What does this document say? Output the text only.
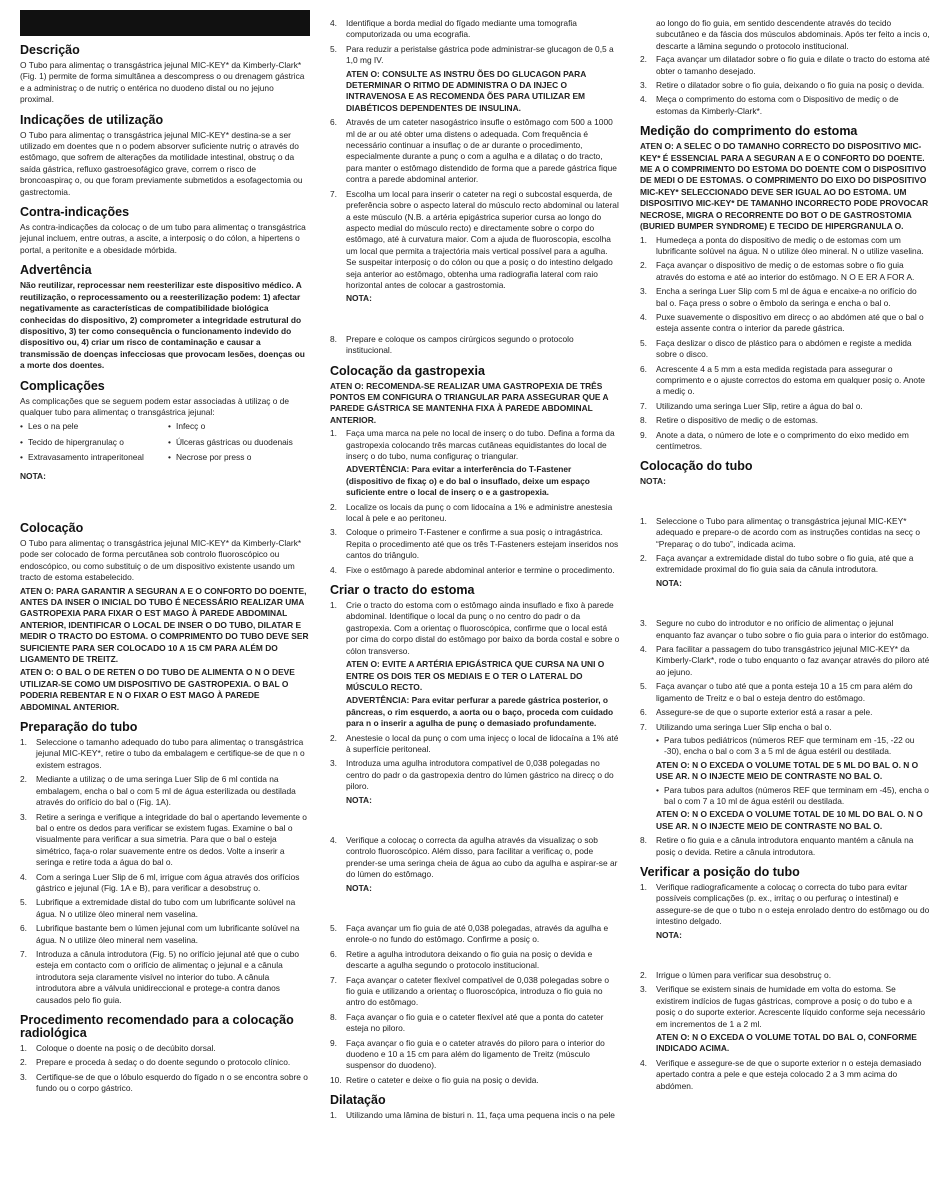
Descrição

O Tubo para alimentaç o transgástrica jejunal MIC-KEY* da Kimberly-Clark* (Fig. 1) permite de forma simultânea a descompress o ou drenagem gástrica e a administraç o de nutriç o entérica no duodeno distal ou no jejuno proximal.

Indicações de utilização

O Tubo para alimentaç o transgástrica jejunal MIC-KEY* destina-se a ser utilizado em doentes que n o podem absorver suficiente nutriç o através do estômago, que sofrem de alterações da motilidade intestinal, obstruç o da saída gástrica, refluxo gastroesofágico grave, correm o risco de broncoaspiraç o, ou que foram previamente submetidos a esofagectomia ou gastrectomia.

Contra-indicações

As contra-indicações da colocaç o de um tubo para alimentaç o transgástrica jejunal incluem, entre outras, a ascite, a interposiç o do cólon, a hipertens o portal, a peritonite e a obesidade mórbida.

Advertência

Não reutilizar, reprocessar nem reesterilizar este dispositivo médico. A reutilização, o reprocessamento ou a reesterilização podem: 1) afectar negativamente as características de compatibilidade biológica conhecidas do dispositivo, 2) comprometer a integridade estrutural do dispositivo, 3) ter como consequência o funcionamento indevido do dispositivo ou, 4) criar um risco de contaminação e causar a transmissão de doenças infecciosas que provocam lesões, doenças ou a morte dos doentes.

Complicações

As complicações que se seguem podem estar associadas à utilizaç o de qualquer tubo para alimentaç o transgástrica jejunal:

• Les o na pele	• Infecç o
• Tecido de hipergranulaç o	• Úlceras gástricas ou duodenais
• Extravasamento intraperitoneal	• Necrose por press o

NOTA:

Colocação

O Tubo para alimentaç o transgástrica jejunal MIC-KEY* da Kimberly-Clark* pode ser colocado de forma percutânea sob controlo fluoroscópico ou endoscópico, ou como substituiç o de um dispositivo existente usando um tracto de estoma estabelecido.

ATEN O: PARA GARANTIR A SEGURAN A E O CONFORTO DO DOENTE, ANTES DA INSER O INICIAL DO TUBO É NECESSÁRIO REALIZAR UMA GASTROPEXIA PARA FIXAR O EST MAGO À PAREDE ABDOMINAL ANTERIOR, IDENTIFICAR O LOCAL DE INSER O DO TUBO, DILATAR E MEDIR O TRACTO DO ESTOMA. O COMPRIMENTO DO TUBO DEVE SER SUFICIENTE PARA SER COLOCADO 10 A 15 CM PARA ALÉM DO LIGAMENTO DE TREITZ.

ATEN O: O BAL O DE RETEN O DO TUBO DE ALIMENTA O N O DEVE UTILIZAR-SE COMO UM DISPOSITIVO DE GASTROPEXIA. O BAL O PODERIA REBENTAR E N O FIXAR O EST MAGO À PAREDE ABDOMINAL ANTERIOR.

Preparação do tubo
1. Seleccione o tamanho adequado do tubo para alimentaç o transgástrica jejunal MIC-KEY*, retire o tubo da embalagem e certifique-se de que n o existem estragos.
2. Mediante a utilizaç o de uma seringa Luer Slip de 6 ml contida na embalagem, encha o bal o com 5 ml de água esterilizada ou destilada através do orifício do bal o (Fig. 1A).
3. Retire a seringa e verifique a integridade do bal o apertando levemente o bal o entre os dedos para verificar se existem fugas. Examine o bal o visualmente para verificar a sua simetria. Para que o bal o esteja simétrico, faça-o rolar suavemente entre os dedos. Volte a inserir a seringa e retire toda a água do bal o.
4. Com a seringa Luer Slip de 6 ml, irrigue com água através dos orifícios gástrico e jejunal (Fig. 1A e B), para verificar a desobstruç o.
5. Lubrifique a extremidade distal do tubo com um lubrificante solúvel na água. N o utilize óleo mineral nem vaselina.
6. Lubrifique bastante bem o lúmen jejunal com um lubrificante solúvel na água. N o utilize óleo mineral nem vaselina.
7. Introduza a cânula introdutora (Fig. 5) no orifício jejunal até que o cubo esteja em contacto com o orifício de alimentaç o jejunal e a cânula introdutora seja claramente visível no interior do tubo. A cânula introdutora abre a válvula unidireccional e protege-a contra danos causados pelo fio guia.
Procedimento recomendado para a colocação radiológica
1. Coloque o doente na posiç o de decúbito dorsal.
2. Prepare e proceda à sedaç o do doente segundo o protocolo clínico.
3. Certifique-se de que o lóbulo esquerdo do fígado n o se encontra sobre o fundo ou o corpo gástrico.
4. Identifique a borda medial do fígado mediante uma tomografia computorizada ou uma ecografia.
5. Para reduzir a peristalse gástrica pode administrar-se glucagon de 0,5 a 1,0 mg IV.

ATEN O: CONSULTE AS INSTRU ÕES DO GLUCAGON PARA DETERMINAR O RITMO DE ADMINISTRA O DA INJEC O INTRAVENOSA E AS RECOMENDA ÕES PARA UTILIZAR EM DIABÉTICOS DEPENDENTES DE INSULINA.

6. Através de um cateter nasogástrico insufle o estômago com 500 a 1000 ml de ar ou até obter uma distens o adequada. Com frequência é necessário continuar a insuflaç o de ar durante o procedimento, especialmente durante a punç o com a agulha e a dilataç o do tracto, para manter o estômago distendido de forma que a parede gástrica fique contra a parede abdominal anterior.
7. Escolha um local para inserir o cateter na regi o subcostal esquerda, de preferência sobre o aspecto lateral do músculo recto abdominal ou lateral a este músculo (N.B. a artéria epigástrica superior cursa ao longo do aspecto medial do músculo recto) e directamente sobre o corpo do estômago, até à curvatura maior. Com a ajuda de fluoroscopia, escolha um local que permita a trajectória mais vertical possível para a agulha. Se suspeitar interposiç o do cólon ou que a posiç o do intestino delgado seja anterior ao estômago, obtenha uma radiografia lateral com raio horizontal antes de colocar a gastrostomia.

NOTA:

8. Prepare e coloque os campos cirúrgicos segundo o protocolo institucional.
Colocação da gastropexia

ATEN O: RECOMENDA-SE REALIZAR UMA GASTROPEXIA DE TRÊS PONTOS EM CONFIGURA O TRIANGULAR PARA ASSEGURAR QUE A PAREDE GÁSTRICA SE MANTENHA FIXA À PAREDE ABDOMINAL ANTERIOR.

1. Faça uma marca na pele no local de inserç o do tubo. Defina a forma da gastropexia colocando três marcas cutâneas equidistantes do local de inserç o do tubo, numa configuraç o triangular.

ADVERTÊNCIA: Para evitar a interferência do T-Fastener (dispositivo de fixaç o) e do bal o insuflado, deixe um espaço suficiente entre o local de inserç o e a gastropexia.

2. Localize os locais da punç o com lidocaína a 1% e administre anestesia local à pele e ao peritoneu.
3. Coloque o primeiro T-Fastener e confirme a sua posiç o intragástrica. Repita o procedimento até que os três T-Fasteners estejam inseridos nos cantos do triângulo.
4. Fixe o estômago à parede abdominal anterior e termine o procedimento.
Criar o tracto do estoma
1. Crie o tracto do estoma com o estômago ainda insuflado e fixo à parede abdominal. Identifique o local da punç o no centro do padr o da gastropexia. Com a orientaç o fluoroscópica, confirme que o local está por cima do corpo distal do estômago por baixo da borda costal e sobre o cólon transverso.

ATEN O: EVITE A ARTÉRIA EPIGÁSTRICA QUE CURSA NA UNI O ENTRE OS DOIS TER OS MEDIAIS E O TER O LATERAL DO MÚSCULO RECTO.

ADVERTÊNCIA: Para evitar perfurar a parede gástrica posterior, o pâncreas, o rim esquerdo, a aorta ou o baço, proceda com cuidado para n o inserir a agulha de punç o demasiado profundamente.

2. Anestesie o local da punç o com uma injecç o local de lidocaína a 1% até à superfície peritoneal.
3. Introduza uma agulha introdutora compatível de 0,038 polegadas no centro do padr o da gastropexia dentro do lúmen gástrico na direcç o do piloro.

NOTA:

4. Verifique a colocaç o correcta da agulha através da visualizaç o sob controlo fluoroscópico. Além disso, para facilitar a verificaç o, pode prender-se uma seringa cheia de água ao cubo da agulha e aspirar-se ar do lúmen do estômago.

NOTA:

5. Faça avançar um fio guia de até 0,038 polegadas, através da agulha e enrole-o no fundo do estômago. Confirme a posiç o.
6. Retire a agulha introdutora deixando o fio guia na posiç o devida e descarte a agulha segundo o protocolo institucional.
7. Faça avançar o cateter flexível compatível de 0,038 polegadas sobre o fio guia e utilizando a orientaç o fluoroscópica, introduza o fio guia no antro do estômago.
8. Faça avançar o fio guia e o cateter flexível até que a ponta do cateter esteja no piloro.
9. Faça avançar o fio guia e o cateter através do piloro para o interior do duodeno e 10 a 15 cm para além do ligamento de Treitz (músculo suspensor do duodeno).
10. Retire o cateter e deixe o fio guia na posiç o devida.
Dilatação
1. Utilizando uma lâmina de bisturi n. 11, faça uma pequena incis o na pele

ao longo do fio guia, em sentido descendente através do tecido subcutâneo e da fáscia dos músculos abdominais. Após ter feito a incis o, descarte a lâmina segundo o protocolo institucional.

2. Faça avançar um dilatador sobre o fio guia e dilate o tracto do estoma até obter o tamanho desejado.
3. Retire o dilatador sobre o fio guia, deixando o fio guia na posiç o devida.
4. Meça o comprimento do estoma com o Dispositivo de mediç o de estomas da Kimberly-Clark*.
Medição do comprimento do estoma

ATEN O: A SELEC O DO TAMANHO CORRECTO DO DISPOSITIVO MIC-KEY* É ESSENCIAL PARA A SEGURAN A E O CONFORTO DO DOENTE. ME A O COMPRIMENTO DO ESTOMA DO DOENTE COM O DISPOSITIVO DE MEDI O DE ESTOMAS. O COMPRIMENTO DO EIXO DO DISPOSITIVO MIC-KEY* SELECCIONADO DEVE SER IGUAL AO DO ESTOMA. UM DISPOSITIVO MIC-KEY* DE TAMANHO INCORRECTO PODE PROVOCAR NECROSE, MIGRA O RECORRENTE DO BOT O DE GASTROSTOMIA (BURIED BUMPER SYNDROME) E TECIDO DE HIPERGRANULA O.

1. Humedeça a ponta do dispositivo de mediç o de estomas com um lubrificante solúvel na água. N o utilize óleo mineral. N o utilize vaselina.
2. Faça avançar o dispositivo de mediç o de estomas sobre o fio guia através do estoma e até ao interior do estômago. N O E ER A FOR A.
3. Encha a seringa Luer Slip com 5 ml de água e encaixe-a no orifício do bal o. Faça press o sobre o êmbolo da seringa e encha o bal o.
4. Puxe suavemente o dispositivo em direcç o ao abdómen até que o bal o esteja assente contra o interior da parede gástrica.
5. Faça deslizar o disco de plástico para o abdómen e registe a medida sobre o disco.
6. Acrescente 4 a 5 mm a esta medida registada para assegurar o comprimento e o ajuste correctos do estoma em qualquer posiç o. Anote a mediç o.
7. Utilizando uma seringa Luer Slip, retire a água do bal o.
8. Retire o dispositivo de mediç o de estomas.
9. Anote a data, o número de lote e o comprimento do eixo medido em centímetros.
Colocação do tubo

NOTA:

1. Seleccione o Tubo para alimentaç o transgástrica jejunal MIC-KEY* adequado e prepare-o de acordo com as instruções contidas na secç o “Preparaç o do tubo”, indicada acima.
2. Faça avançar a extremidade distal do tubo sobre o fio guia, até que a extremidade proximal do fio guia saia da cânula introdutora.

NOTA:

3. Segure no cubo do introdutor e no orifício de alimentaç o jejunal enquanto faz avançar o tubo sobre o fio guia para o interior do estômago.
4. Para facilitar a passagem do tubo transgástrico jejunal MIC-KEY* da Kimberly-Clark*, rode o tubo enquanto o faz avançar através do piloro até ao jejuno.
5. Faça avançar o tubo até que a ponta esteja 10 a 15 cm para além do ligamento de Treitz e o bal o esteja dentro do estômago.
6. Assegure-se de que o suporte exterior está a rasar a pele.
7. Utilizando uma seringa Luer Slip encha o bal o.

• Para tubos pediátricos (números REF que terminam em -15, -22 ou -30), encha o bal o com 3 a 5 ml de água estéril ou destilada.

ATEN O: N O EXCEDA O VOLUME TOTAL DE 5 ML DO BAL O. N O USE AR. N O INJECTE MEIO DE CONTRASTE NO BAL O.

• Para tubos para adultos (números REF que terminam em -45), encha o bal o com 7 a 10 ml de água estéril ou destilada.

ATEN O: N O EXCEDA O VOLUME TOTAL DE 10 ML DO BAL O. N O USE AR. N O INJECTE MEIO DE CONTRASTE NO BAL O.

8. Retire o fio guia e a cânula introdutora enquanto mantém a cânula na posiç o devida. Retire a cânula introdutora.
Verificar a posição do tubo
1. Verifique radiograficamente a colocaç o correcta do tubo para evitar possíveis complicações (p. ex., irritaç o ou perfuraç o intestinal) e assegure-se de que o tubo n o esteja enrolado dentro do estômago ou do intestino delgado.

NOTA:

2. Irrigue o lúmen para verificar sua desobstruç o.
3. Verifique se existem sinais de humidade em volta do estoma. Se existirem indícios de fugas gástricas, comprove a posiç o do tubo e a posiç o do suporte exterior. Acrescente líquido conforme seja necessário em incrementos de 1 a 2 ml.

ATEN O: N O EXCEDA O VOLUME TOTAL DO BAL O, CONFORME INDICADO ACIMA.

4. Verifique e assegure-se de que o suporte exterior n o esteja demasiado apertado contra a pele e que esteja colocado 2 a 3 mm acima do abdómen.
